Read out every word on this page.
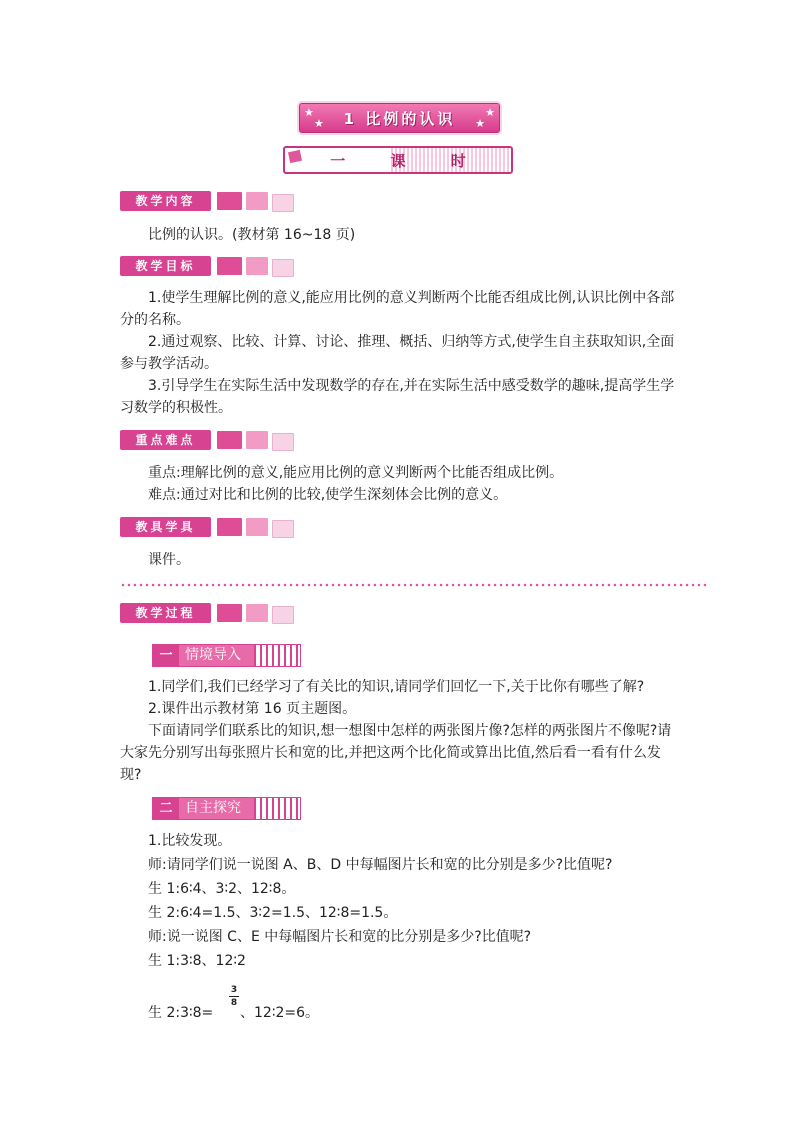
★
★
★
★
1 比例的认识
一 课 时
教学内容
比例的认识。(教材第 16~18 页)
教学目标
1.使学生理解比例的意义,能应用比例的意义判断两个比能否组成比例,认识比例中各部分的名称。
2.通过观察、比较、计算、讨论、推理、概括、归纳等方式,使学生自主获取知识,全面参与教学活动。
3.引导学生在实际生活中发现数学的存在,并在实际生活中感受数学的趣味,提高学生学习数学的积极性。
重点难点
重点:理解比例的意义,能应用比例的意义判断两个比能否组成比例。
难点:通过对比和比例的比较,使学生深刻体会比例的意义。
教具学具
课件。
教学过程
一 情境导入
1.同学们,我们已经学习了有关比的知识,请同学们回忆一下,关于比你有哪些了解?
2.课件出示教材第 16 页主题图。
下面请同学们联系比的知识,想一想图中怎样的两张图片像?怎样的两张图片不像呢?请大家先分别写出每张照片长和宽的比,并把这两个比化简或算出比值,然后看一看有什么发现?
二 自主探究
1.比较发现。
师:请同学们说一说图 A、B、D 中每幅图片长和宽的比分别是多少?比值呢?
生 1:6∶4、3∶2、12∶8。
生 2:6∶4=1.5、3∶2=1.5、12∶8=1.5。
师:说一说图 C、E 中每幅图片长和宽的比分别是多少?比值呢?
生 1:3∶8、12∶2
生 2:3∶8=
3
8
、12∶2=6。
